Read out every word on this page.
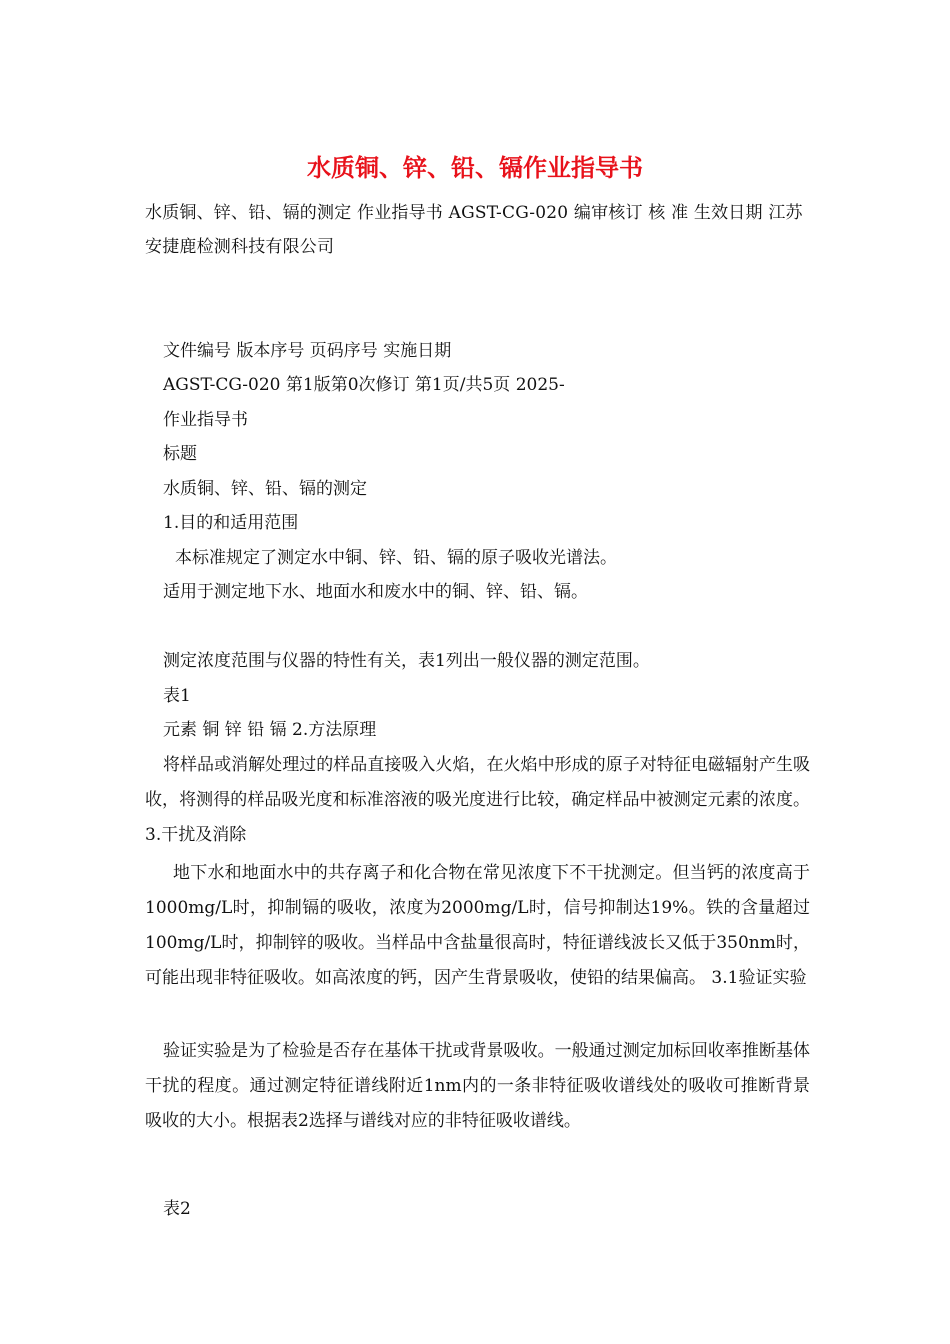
水质铜、锌、铅、镉作业指导书
水质铜、锌、铅、镉的测定 作业指导书 AGST-CG-020 编审核订 核 准 生效日期 江苏安捷鹿检测科技有限公司
文件编号 版本序号 页码序号 实施日期
AGST-CG-020 第1版第0次修订 第1页/共5页 2025-
作业指导书
标题
水质铜、锌、铅、镉的测定
1.目的和适用范围
本标准规定了测定水中铜、锌、铅、镉的原子吸收光谱法。
适用于测定地下水、地面水和废水中的铜、锌、铅、镉。
测定浓度范围与仪器的特性有关，表1列出一般仪器的测定范围。
表1
元素 铜 锌 铅 镉 2.方法原理
将样品或消解处理过的样品直接吸入火焰，在火焰中形成的原子对特征电磁辐射产生吸收，将测得的样品吸光度和标准溶液的吸光度进行比较，确定样品中被测定元素的浓度。 3.干扰及消除
地下水和地面水中的共存离子和化合物在常见浓度下不干扰测定。但当钙的浓度高于1000mg/L时，抑制镉的吸收，浓度为2000mg/L时，信号抑制达19%。铁的含量超过100mg/L时，抑制锌的吸收。当样品中含盐量很高时，特征谱线波长又低于350nm时，可能出现非特征吸收。如高浓度的钙，因产生背景吸收，使铅的结果偏高。 3.1验证实验
验证实验是为了检验是否存在基体干扰或背景吸收。一般通过测定加标回收率推断基体干扰的程度。通过测定特征谱线附近1nm内的一条非特征吸收谱线处的吸收可推断背景吸收的大小。根据表2选择与谱线对应的非特征吸收谱线。
表2
